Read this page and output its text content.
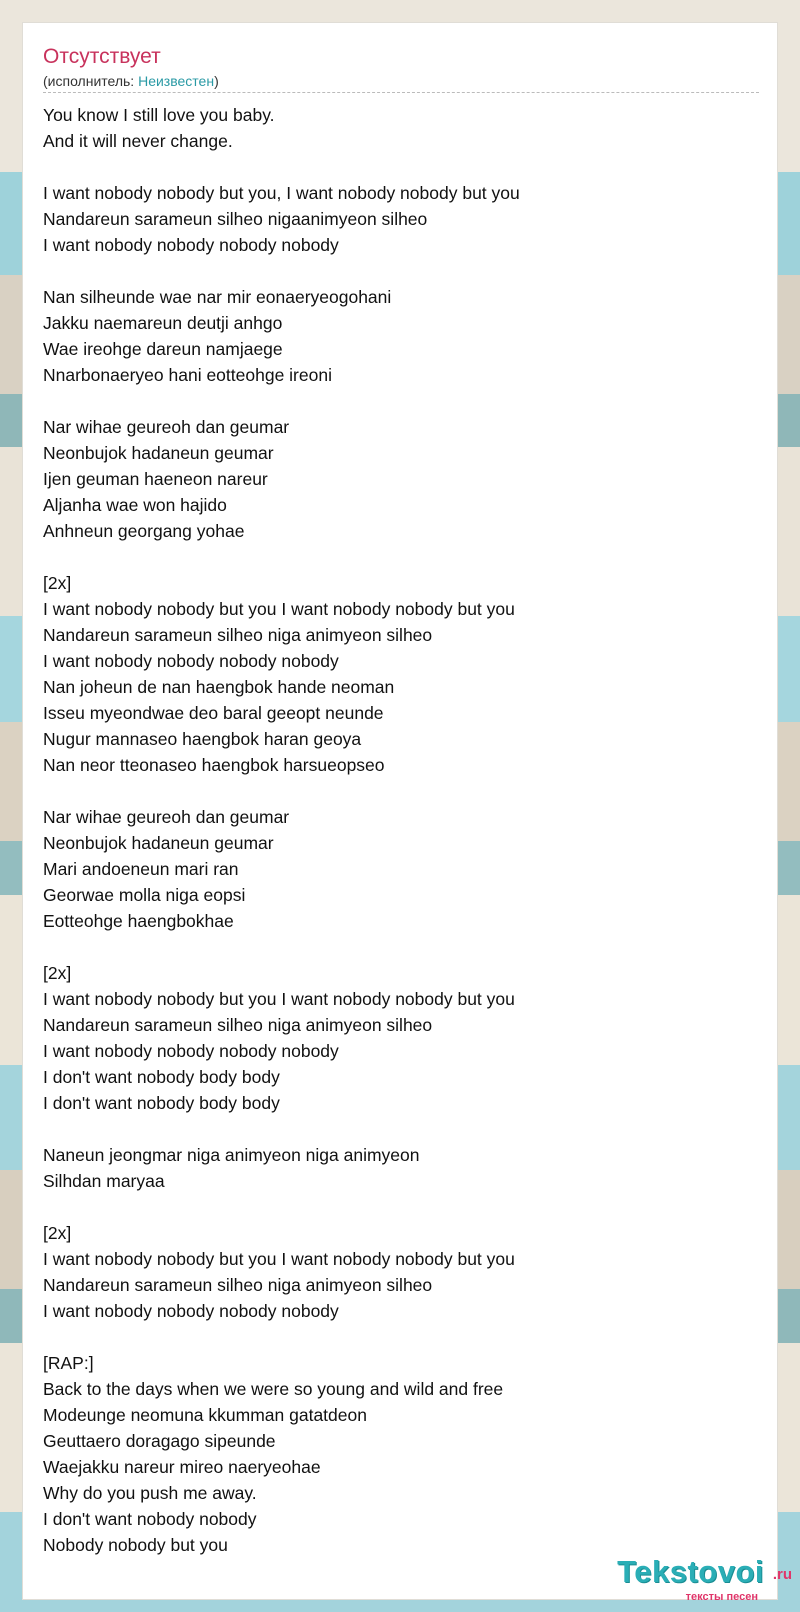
Отсутствует
(исполнитель: Неизвестен)
You know I still love you baby.
And it will never change.
I want nobody nobody but you, I want nobody nobody but you
Nandareun sarameun silheo nigaanimyeon silheo
I want nobody nobody nobody nobody
Nan silheunde wae nar mir eonaeryeogohani
Jakku naemareun deutji anhgo
Wae ireohge dareun namjaege
Nnarbonaeryeo hani eotteohge ireoni
Nar wihae geureoh dan geumar
Neonbujok hadaneun geumar
Ijen geuman haeneon nareur
Aljanha wae won hajido
Anhneun georgang yohae
[2x]
I want nobody nobody but you I want nobody nobody but you
Nandareun sarameun silheo niga animyeon silheo
I want nobody nobody nobody nobody
Nan joheun de nan haengbok hande neoman
Isseu myeondwae deo baral geeopt neunde
Nugur mannaseo haengbok haran geoya
Nan neor tteonaseo haengbok harsueopseo
Nar wihae geureoh dan geumar
Neonbujok hadaneun geumar
Mari andoeneun mari ran
Georwae molla niga eopsi
Eotteohge haengbokhae
[2x]
I want nobody nobody but you I want nobody nobody but you
Nandareun sarameun silheo niga animyeon silheo
I want nobody nobody nobody nobody
I don't want nobody body body
I don't want nobody body body
Naneun jeongmar niga animyeon niga animyeon
Silhdan maryaa
[2x]
I want nobody nobody but you I want nobody nobody but you
Nandareun sarameun silheo niga animyeon silheo
I want nobody nobody nobody nobody
[RAP:]
Back to the days when we were so young and wild and free
Modeunge neomuna kkumman gatatdeon
Geuttaero doragago sipeunde
Waejakku nareur mireo naeryeohae
Why do you push me away.
I don't want nobody nobody
Nobody nobody but you
Tekstovoi .ru
тексты песен
